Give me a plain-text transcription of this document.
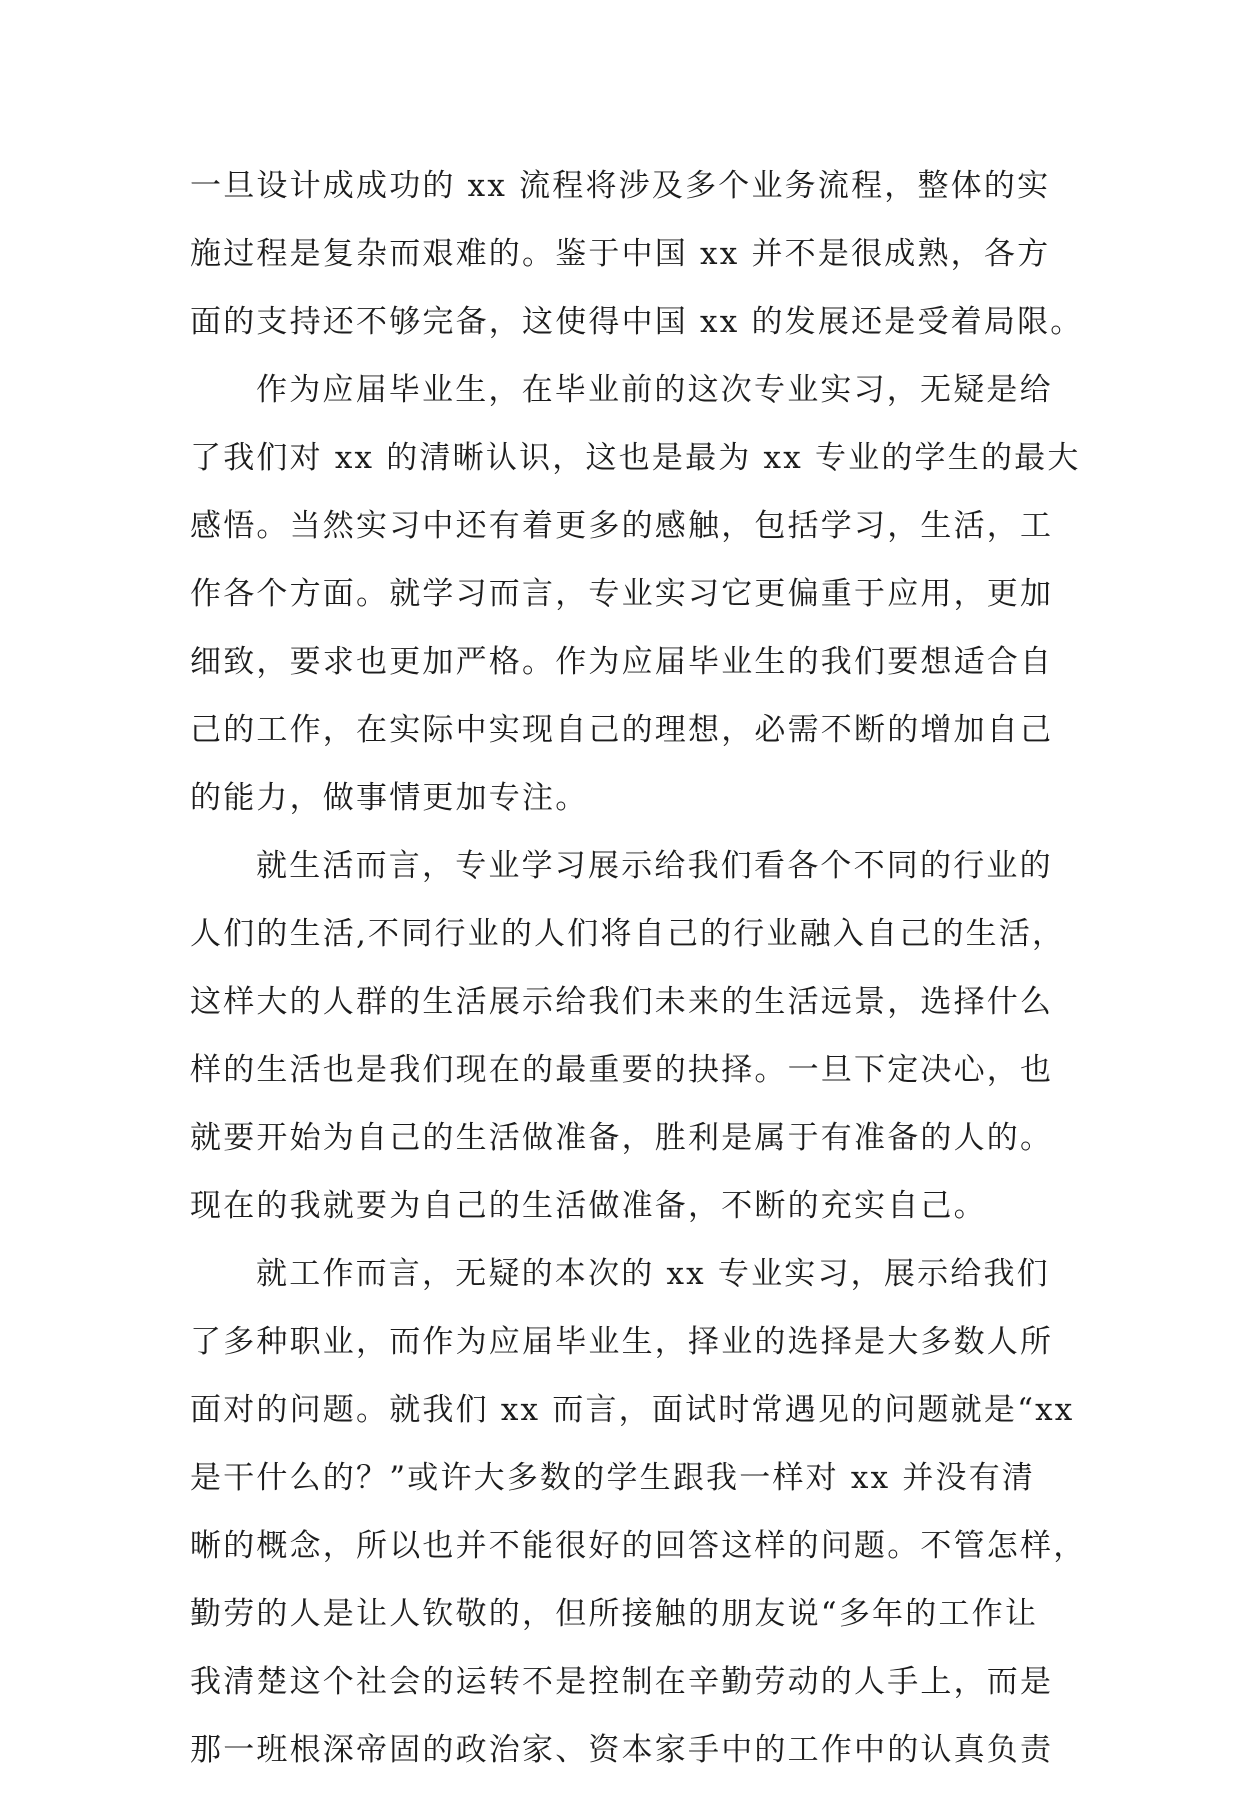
一旦设计成成功的 xx 流程将涉及多个业务流程，整体的实
施过程是复杂而艰难的。鉴于中国 xx 并不是很成熟，各方
面的支持还不够完备，这使得中国 xx 的发展还是受着局限。
作为应届毕业生，在毕业前的这次专业实习，无疑是给
了我们对 xx 的清晰认识，这也是最为 xx 专业的学生的最大
感悟。当然实习中还有着更多的感触，包括学习，生活，工
作各个方面。就学习而言，专业实习它更偏重于应用，更加
细致，要求也更加严格。作为应届毕业生的我们要想适合自
己的工作，在实际中实现自己的理想，必需不断的增加自己
的能力，做事情更加专注。
就生活而言，专业学习展示给我们看各个不同的行业的
人们的生活,不同行业的人们将自己的行业融入自己的生活，
这样大的人群的生活展示给我们未来的生活远景，选择什么
样的生活也是我们现在的最重要的抉择。一旦下定决心，也
就要开始为自己的生活做准备，胜利是属于有准备的人的。
现在的我就要为自己的生活做准备，不断的充实自己。
就工作而言，无疑的本次的 xx 专业实习，展示给我们
了多种职业，而作为应届毕业生，择业的选择是大多数人所
面对的问题。就我们 xx 而言，面试时常遇见的问题就是“xx
是干什么的？”或许大多数的学生跟我一样对 xx 并没有清
晰的概念，所以也并不能很好的回答这样的问题。不管怎样，
勤劳的人是让人钦敬的，但所接触的朋友说“多年的工作让
我清楚这个社会的运转不是控制在辛勤劳动的人手上，而是
那一班根深帝固的政治家、资本家手中的工作中的认真负责
